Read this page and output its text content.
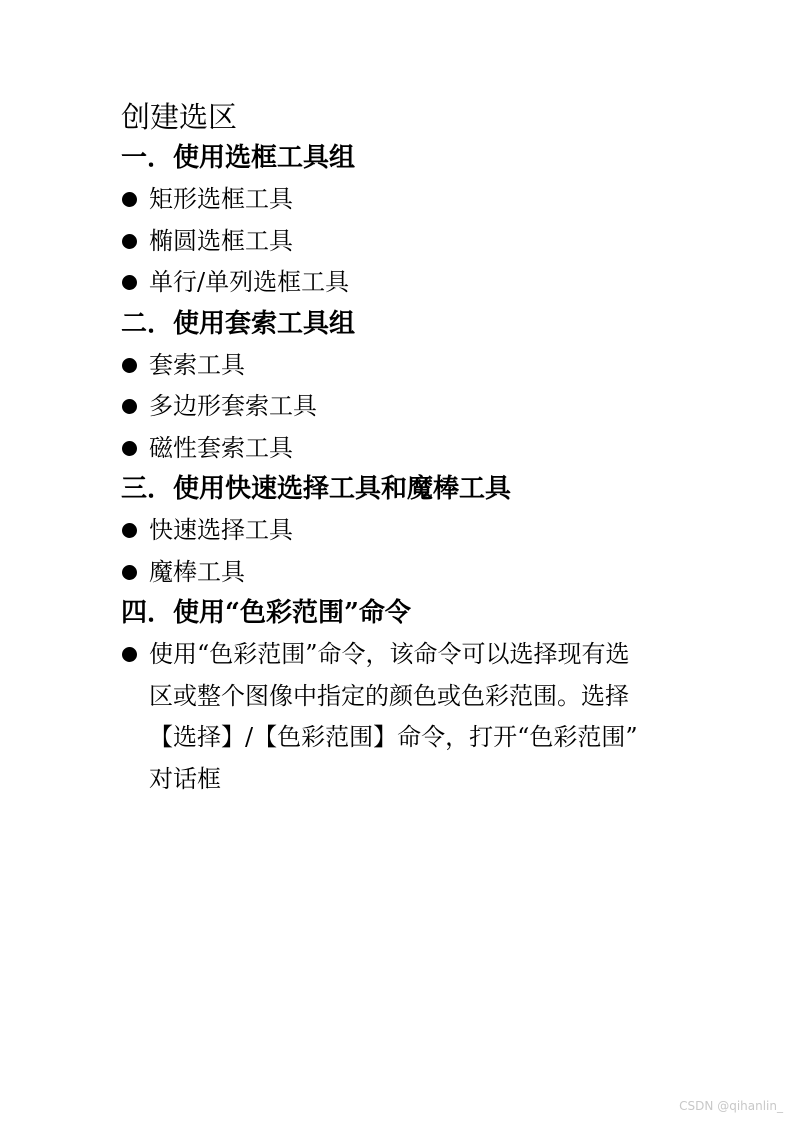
创建选区
一．使用选框工具组
矩形选框工具
椭圆选框工具
单行/单列选框工具
二．使用套索工具组
套索工具
多边形套索工具
磁性套索工具
三．使用快速选择工具和魔棒工具
快速选择工具
魔棒工具
四．使用“色彩范围”命令
使用“色彩范围”命令，该命令可以选择现有选
区或整个图像中指定的颜色或色彩范围。选择
【选择】/【色彩范围】命令，打开“色彩范围”
对话框
CSDN @qihanlin_
